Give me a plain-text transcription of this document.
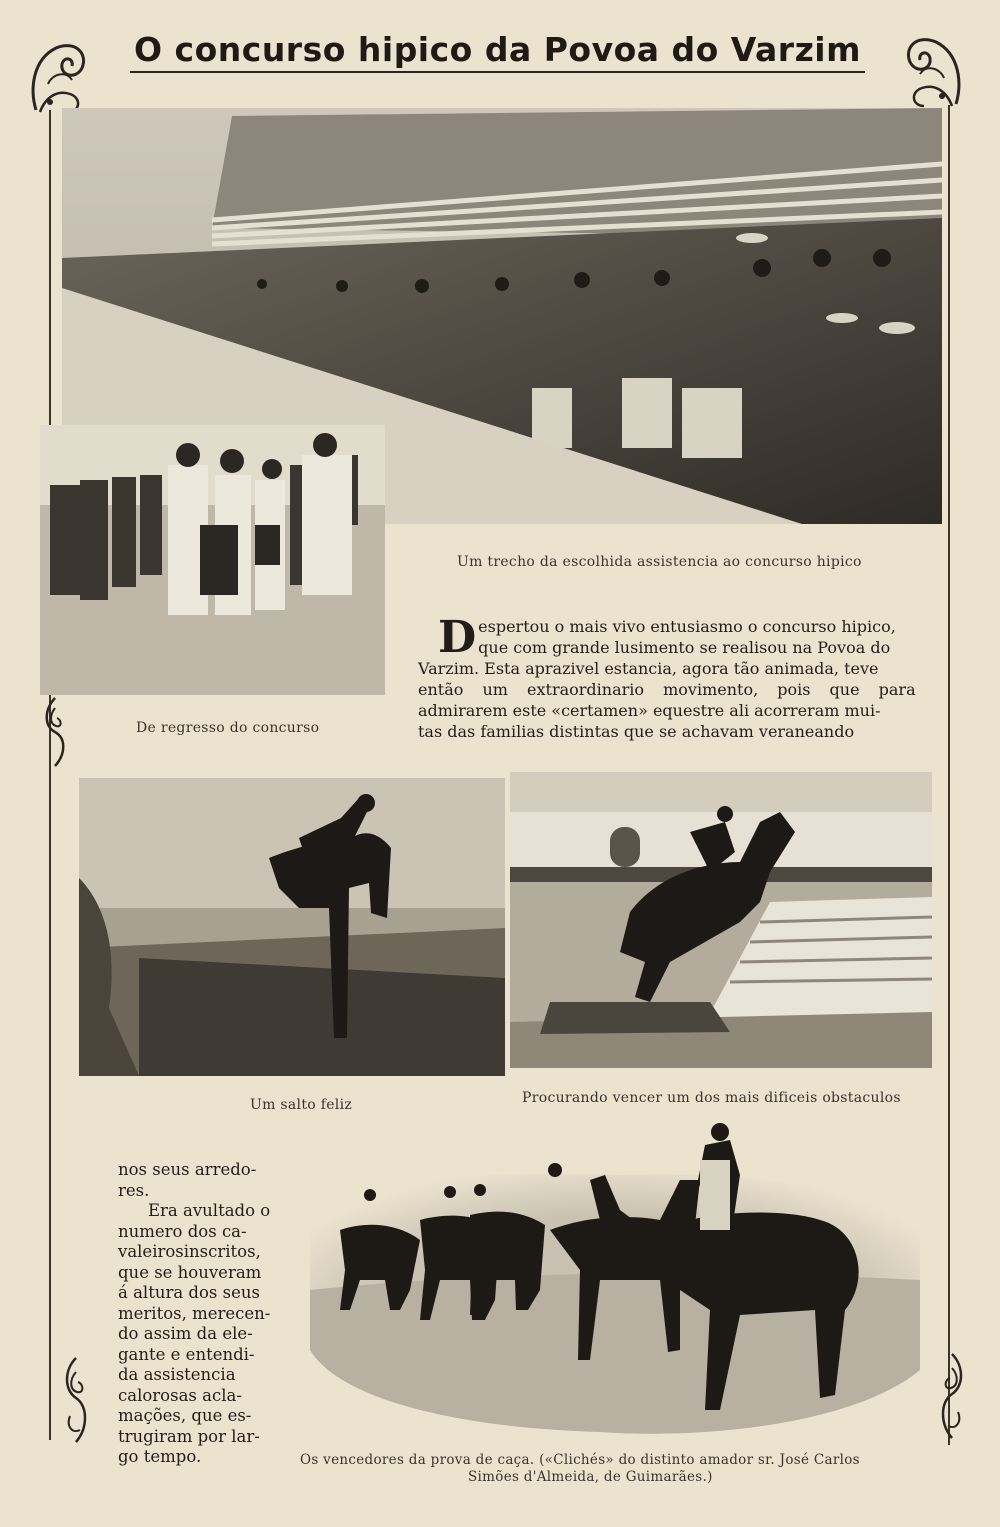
O concurso hipico da Povoa do Varzim
Um trecho da escolhida assistencia ao concurso hipico
De regresso do concurso
D espertou o mais vivo entusiasmo o concurso hipico,
que com grande lusimento se realisou na Povoa do
Varzim. Esta aprazivel estancia, agora tão animada, teve
então um extraordinario movimento, pois que para
admirarem este «certamen» equestre ali acorreram mui-
tas das familias distintas que se achavam veraneando
Um salto feliz	Procurando vencer um dos mais dificeis obstaculos
nos seus arredo-
res.
Era avultado o
numero dos ca-
valeirosinscritos,
que se houveram
á altura dos seus
meritos, merecen-
do assim da ele-
gante e entendi-
da assistencia
calorosas acla-
mações, que es-
trugiram por lar-
go tempo.	Os vencedores da prova de caça. («Clichés» do distinto amador sr. José Carlos
Simões d'Almeida, de Guimarães.)
